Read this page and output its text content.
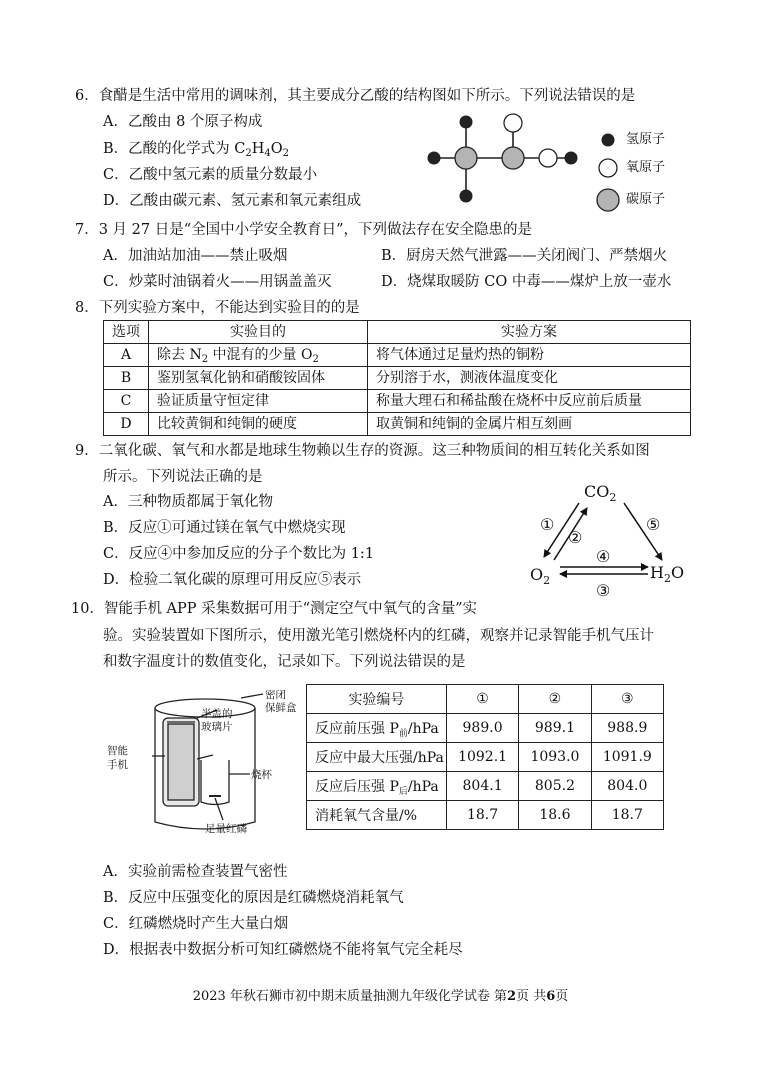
6．食醋是生活中常用的调味剂，其主要成分乙酸的结构图如下所示。下列说法错误的是
A．乙酸由 8 个原子构成
B．乙酸的化学式为 $C_2H_4O_2$
C．乙酸中氢元素的质量分数最小
D．乙酸由碳元素、氢元素和氧元素组成
氢原子
氧原子
碳原子
7．3 月 27 日是“全国中小学安全教育日”，下列做法存在安全隐患的是
A．加油站加油——禁止吸烟	B．厨房天然气泄露——关闭阀门、严禁烟火
C．炒菜时油锅着火——用锅盖盖灭	D．烧煤取暖防 CO 中毒——煤炉上放一壶水
8．下列实验方案中，不能达到实验目的的是
选项	实验目的	实验方案
A	除去 $N_2$ 中混有的少量 $O_2$	将气体通过足量灼热的铜粉
B	鉴别氢氧化钠和硝酸铵固体	分别溶于水，测液体温度变化
C	验证质量守恒定律	称量大理石和稀盐酸在烧杯中反应前后质量
D	比较黄铜和纯铜的硬度	取黄铜和纯铜的金属片相互刻画
9．二氧化碳、氧气和水都是地球生物赖以生存的资源。这三种物质间的相互转化关系如图
所示。下列说法正确的是
A．三种物质都属于氧化物
B．反应①可通过镁在氧气中燃烧实现
C．反应④中参加反应的分子个数比为 1:1
D．检验二氧化碳的原理可用反应⑤表示
$CO_2$
$O_2$	$H_2O$
①
②
⑤
④
③
10．智能手机 APP 采集数据可用于“测定空气中氧气的含量”实
验。实验装置如下图所示，使用激光笔引燃烧杯内的红磷，观察并记录智能手机气压计
和数字温度计的数值变化，记录如下。下列说法错误的是
密闭
保鲜盒
半盖的
玻璃片
智能
手机
烧杯
足量红磷
实验编号	①	②	③
反应前压强 $P_前$/hPa	989.0	989.1	988.9
反应中最大压强/hPa	1092.1	1093.0	1091.9
反应后压强 $P_后$/hPa	804.1	805.2	804.0
消耗氧气含量/%	18.7	18.6	18.7
A．实验前需检查装置气密性
B．反应中压强变化的原因是红磷燃烧消耗氧气
C．红磷燃烧时产生大量白烟
D．根据表中数据分析可知红磷燃烧不能将氧气完全耗尽
2023 年秋石狮市初中期末质量抽测九年级化学试卷 第2页 共6页
